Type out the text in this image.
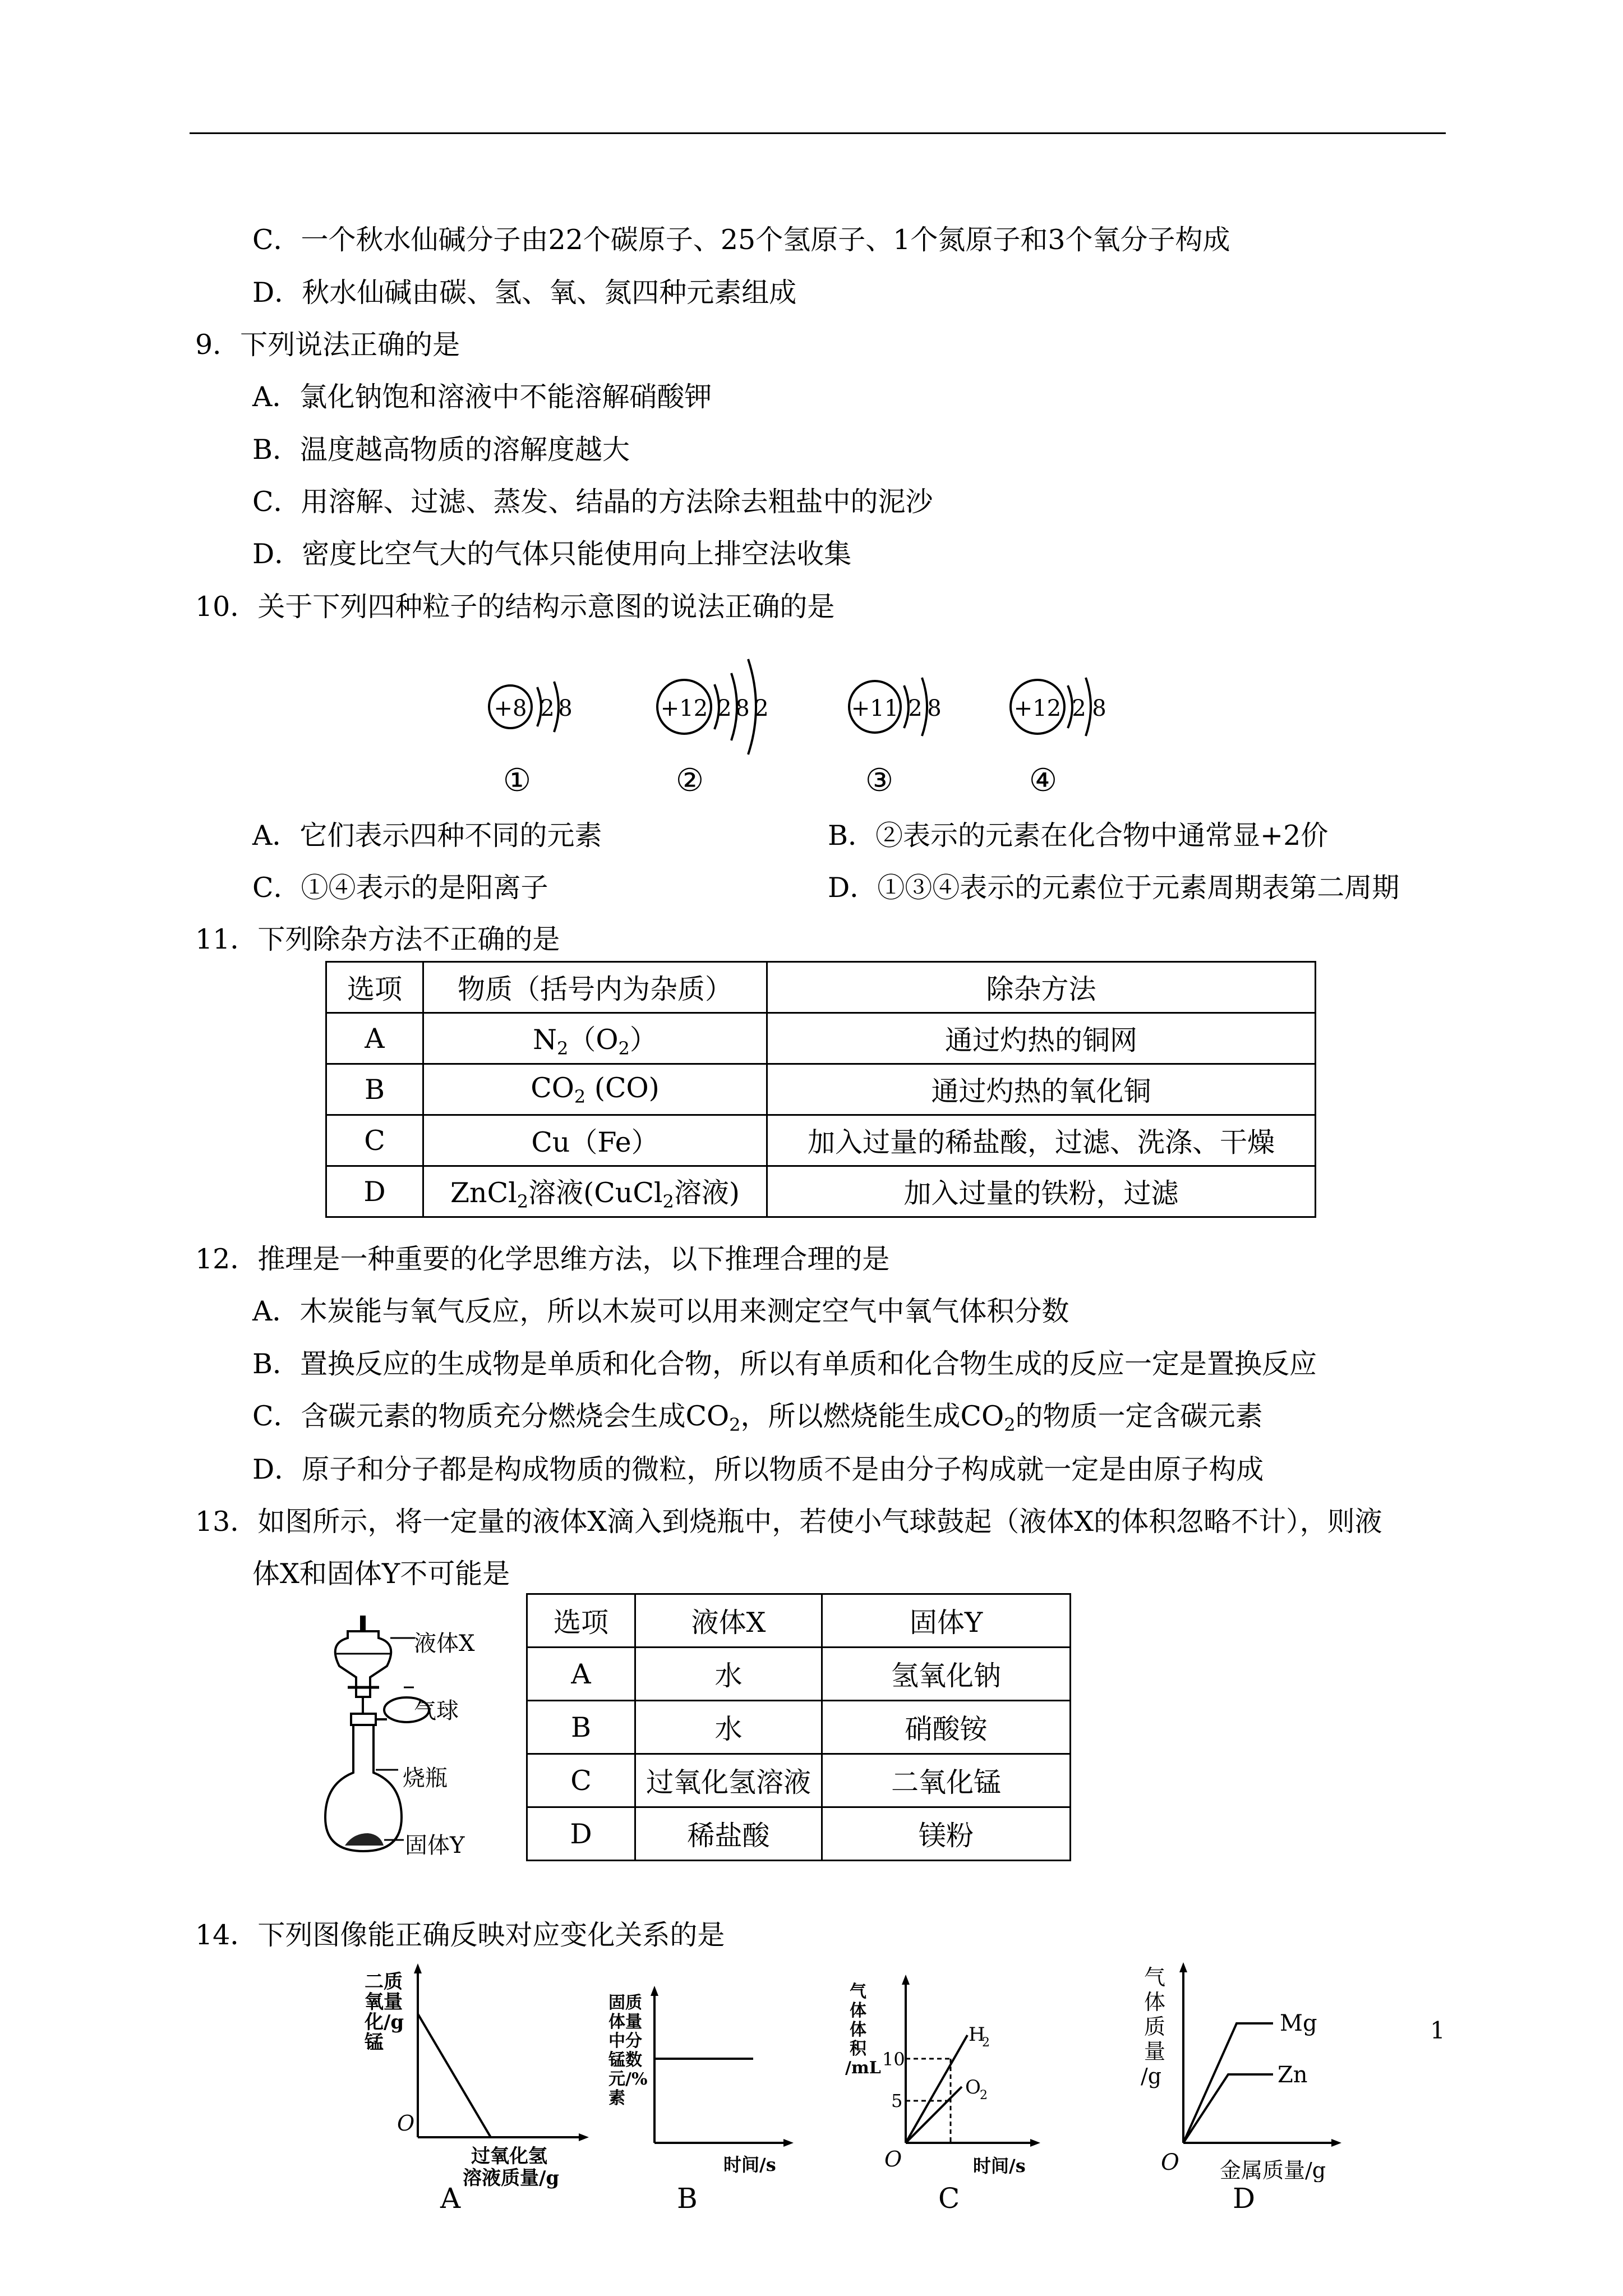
C．一个秋水仙碱分子由22个碳原子、25个氢原子、1个氮原子和3个氧分子构成
D．秋水仙碱由碳、氢、氧、氮四种元素组成
9．下列说法正确的是
A．氯化钠饱和溶液中不能溶解硝酸钾
B．温度越高物质的溶解度越大
C．用溶解、过滤、蒸发、结晶的方法除去粗盐中的泥沙
D．密度比空气大的气体只能使用向上排空法收集
10．关于下列四种粒子的结构示意图的说法正确的是
+8 2 8
①
+12 2 8 2
②
+11 2 8
③
+12 2 8
④
A．它们表示四种不同的元素	B．②表示的元素在化合物中通常显+2价
C．①④表示的是阳离子	D．①③④表示的元素位于元素周期表第二周期
11．下列除杂方法不正确的是
选项	物质（括号内为杂质）	除杂方法
A	$N_2(O_2)$	通过灼热的铜网
B	$CO_2$ (CO)	通过灼热的氧化铜
C	Cu（Fe）	加入过量的稀盐酸，过滤、洗涤、干燥
D	ZnCl$_2$溶液(CuCl$_2$溶液)	加入过量的铁粉，过滤
12．推理是一种重要的化学思维方法，以下推理合理的是
A．木炭能与氧气反应，所以木炭可以用来测定空气中氧气体积分数
B．置换反应的生成物是单质和化合物，所以有单质和化合物生成的反应一定是置换反应
C．含碳元素的物质充分燃烧会生成$CO_2$，所以燃烧能生成$CO_2$的物质一定含碳元素
D．原子和分子都是构成物质的微粒，所以物质不是由分子构成就一定是由原子构成
13．如图所示，将一定量的液体X滴入到烧瓶中，若使小气球鼓起（液体X的体积忽略不计），则液
体X和固体Y不可能是
液体X
气球
烧瓶
固体Y
选项	液体X	固体Y
A	水	氢氧化钠
B	水	硝酸铵
C	过氧化氢溶液	二氧化锰
D	稀盐酸	镁粉
14．下列图像能正确反映对应变化关系的是
二质
氧量
化/g
锰
O
过氧化氢
溶液质量/g
A
固质
体量
中分
锰数
元/%
素
时间/s
B
气
体
体
积
/mL 10
5
H
2
O
2
O	时间/s
C
气
体
质
量
/g
Mg
Zn
O 金属质量/g
D
1
